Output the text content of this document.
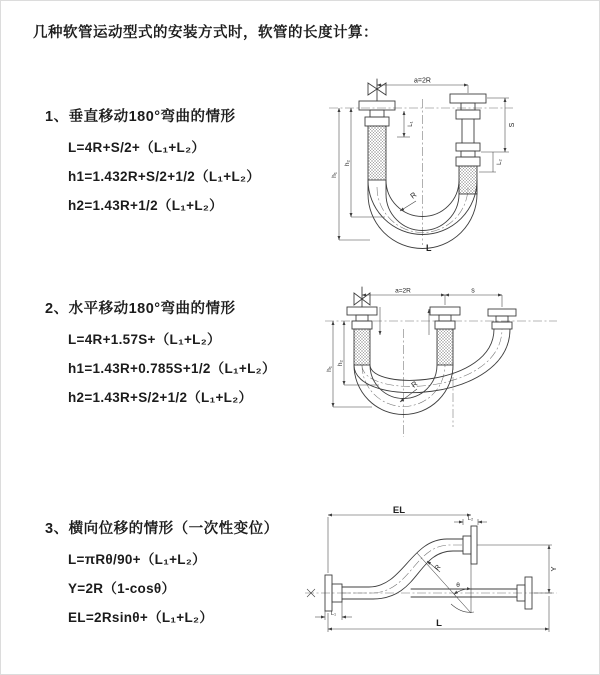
几种软管运动型式的安装方式时，软管的长度计算：
1、垂直移动180°弯曲的情形
L=4R+S/2+（L₁+L₂）
h1=1.432R+S/2+1/2（L₁+L₂）
h2=1.43R+1/2（L₁+L₂）
2、水平移动180°弯曲的情形
L=4R+1.57S+（L₁+L₂）
h1=1.43R+0.785S+1/2（L₁+L₂）
h2=1.43R+S/2+1/2（L₁+L₂）
3、横向位移的情形（一次性变位）
L=πRθ/90+（L₁+L₂）
Y=2R（1-cosθ）
EL=2Rsinθ+（L₁+L₂）
a=2R
S
L₂
L₁
h₁
h₂
R
L
a=2R	s
h₁
h₂
R
EL
L₂
Y
L₁
L
θ
R
